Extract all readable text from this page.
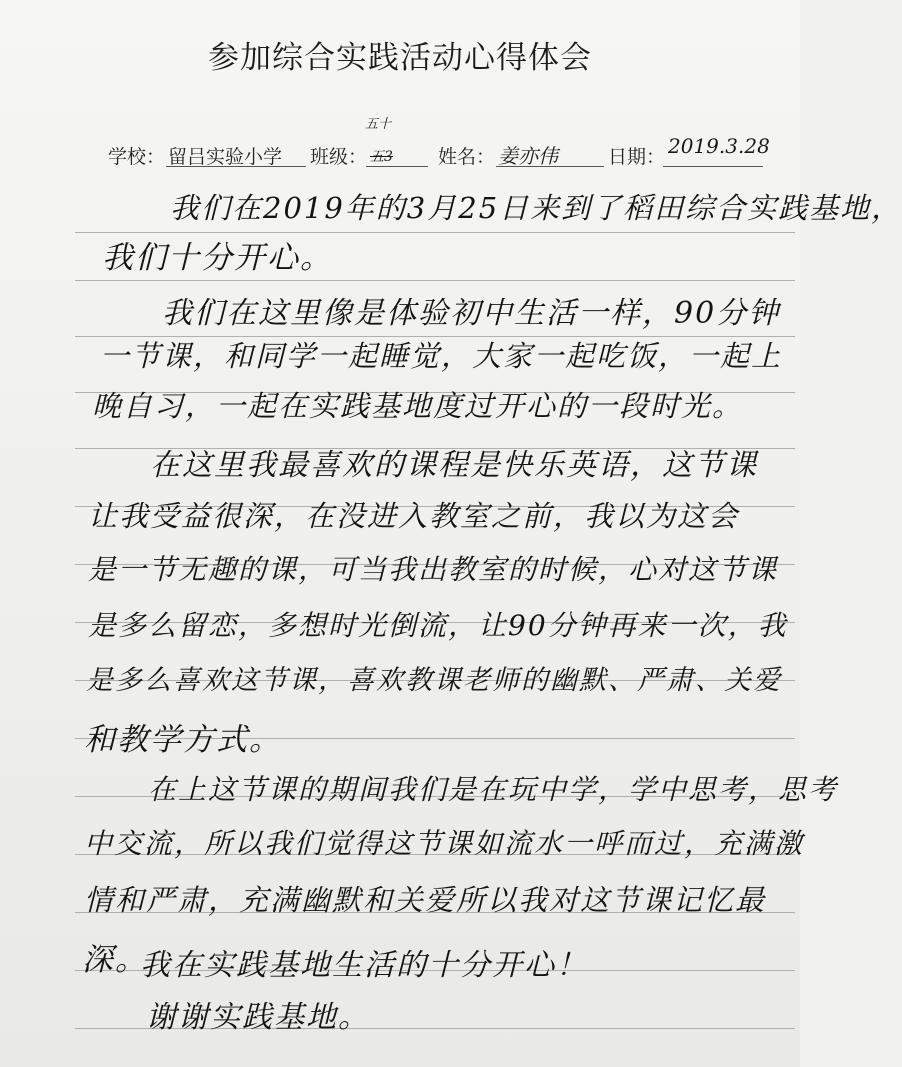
参加综合实践活动心得体会
学校： 留吕实验小学 班级： 五3 姓名： 姜亦伟	日期： 2019.3.28
五十
我们在2019年的3月25日来到了稻田综合实践基地，
我们十分开心。
我们在这里像是体验初中生活一样，90分钟
一节课，和同学一起睡觉，大家一起吃饭，一起上
晚自习，一起在实践基地度过开心的一段时光。
在这里我最喜欢的课程是快乐英语，这节课
让我受益很深，在没进入教室之前，我以为这会
是一节无趣的课，可当我出教室的时候，心对这节课
是多么留恋，多想时光倒流，让90分钟再来一次，我
是多么喜欢这节课，喜欢教课老师的幽默、严肃、关爱
和教学方式。
在上这节课的期间我们是在玩中学，学中思考，思考
中交流，所以我们觉得这节课如流水一呼而过，充满激
情和严肃，充满幽默和关爱所以我对这节课记忆最
深。
我在实践基地生活的十分开心！
谢谢实践基地。
